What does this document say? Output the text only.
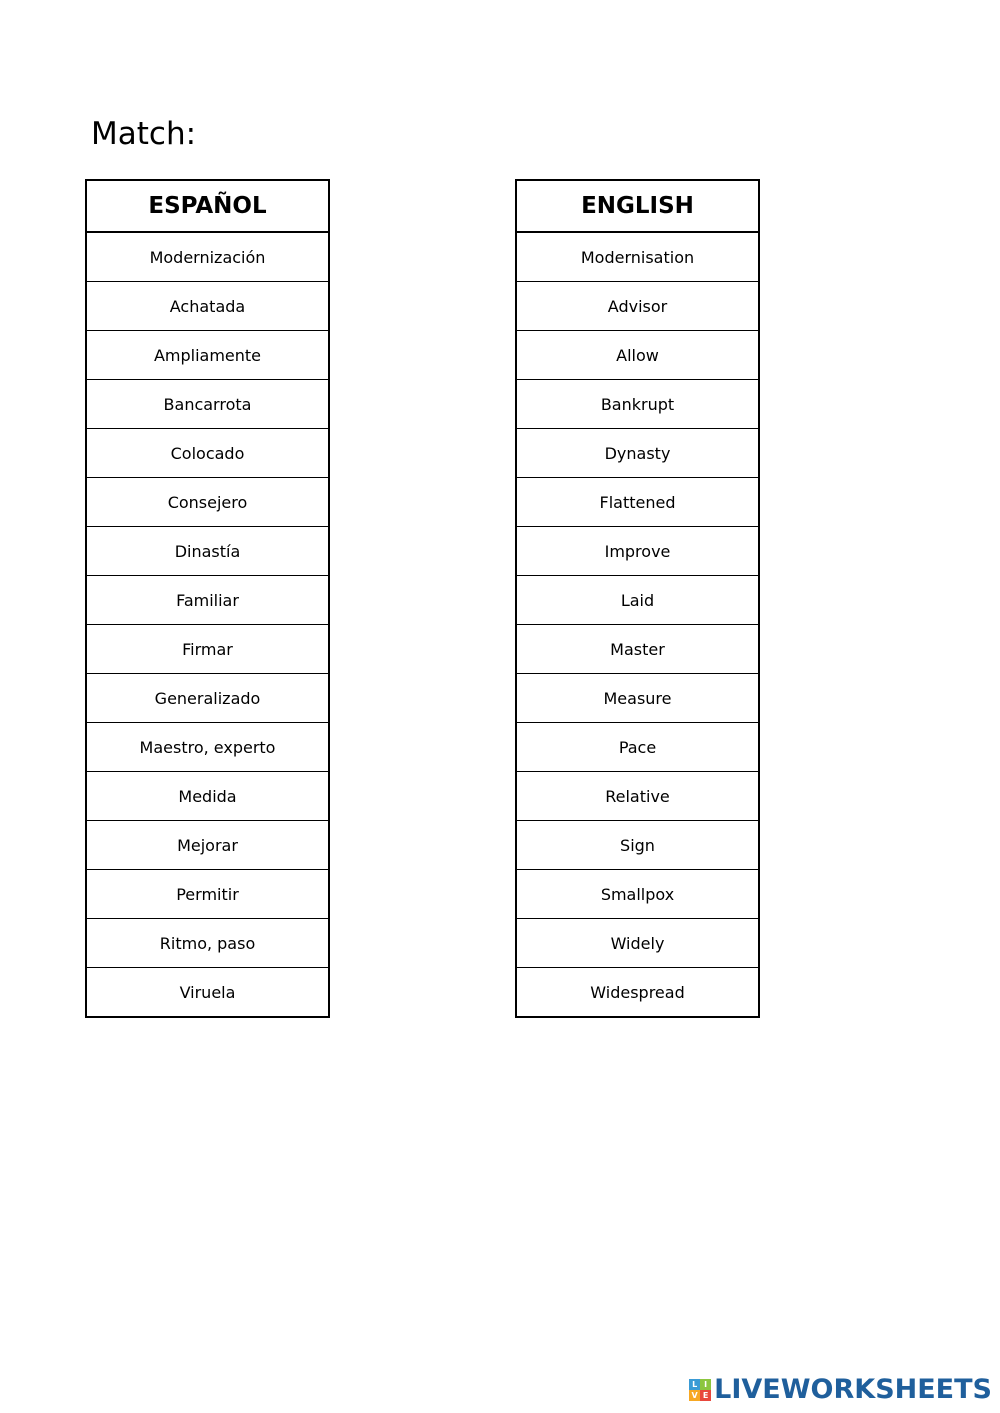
Match:
ESPAÑOL
Modernización
Achatada
Ampliamente
Bancarrota
Colocado
Consejero
Dinastía
Familiar
Firmar
Generalizado
Maestro, experto
Medida
Mejorar
Permitir
Ritmo, paso
Viruela
ENGLISH
Modernisation
Advisor
Allow
Bankrupt
Dynasty
Flattened
Improve
Laid
Master
Measure
Pace
Relative
Sign
Smallpox
Widely
Widespread
L I
V E LIVEWORKSHEETS
